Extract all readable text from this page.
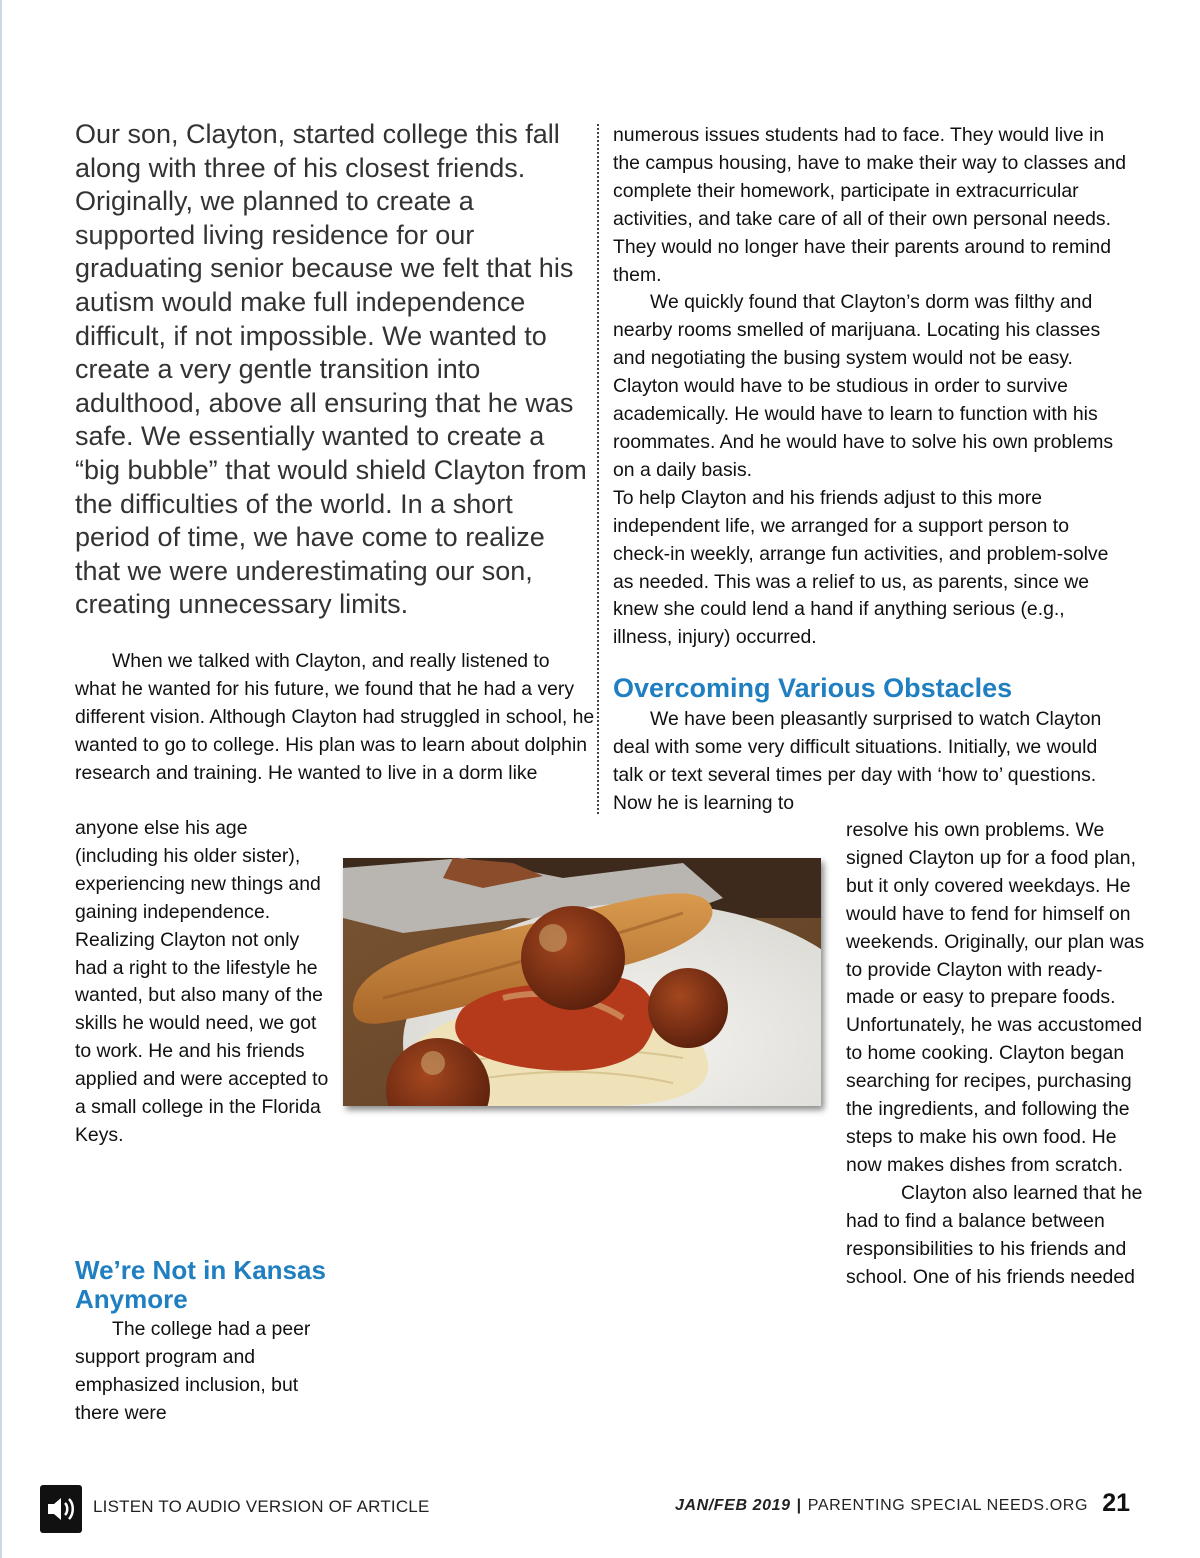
Our son, Clayton, started college this fall along with three of his closest friends. Originally, we planned to create a supported living residence for our graduating senior because we felt that his autism would make full independence difficult, if not impossible. We wanted to create a very gentle transition into adulthood, above all ensuring that he was safe. We essentially wanted to create a “big bubble” that would shield Clayton from the difficulties of the world. In a short period of time, we have come to realize that we were underestimating our son, creating unnecessary limits.

When we talked with Clayton, and really listened to what he wanted for his future, we found that he had a very different vision. Although Clayton had struggled in school, he wanted to go to college. His plan was to learn about dolphin research and training. He wanted to live in a dorm like

anyone else his age (including his older sister), experiencing new things and gaining independence. Realizing Clayton not only had a right to the lifestyle he wanted, but also many of the skills he would need, we got to work. He and his friends applied and were accepted to a small college in the Florida Keys.

We’re Not in Kansas Anymore

The college had a peer support program and emphasized inclusion, but there were

numerous issues students had to face. They would live in the campus housing, have to make their way to classes and complete their homework, participate in extracurricular activities, and take care of all of their own personal needs. They would no longer have their parents around to remind them.

We quickly found that Clayton’s dorm was filthy and nearby rooms smelled of marijuana. Locating his classes and negotiating the busing system would not be easy. Clayton would have to be studious in order to survive academically. He would have to learn to function with his roommates. And he would have to solve his own problems on a daily basis.

To help Clayton and his friends adjust to this more independent life, we arranged for a support person to check-in weekly, arrange fun activities, and problem-solve as needed. This was a relief to us, as parents, since we knew she could lend a hand if anything serious (e.g., illness, injury) occurred.

Overcoming Various Obstacles

We have been pleasantly surprised to watch Clayton deal with some very difficult situations. Initially, we would talk or text several times per day with ‘how to’ questions. Now he is learning to

resolve his own problems. We signed Clayton up for a food plan, but it only covered weekdays. He would have to fend for himself on weekends. Originally, our plan was to provide Clayton with ready-made or easy to prepare foods. Unfortunately, he was accustomed to home cooking. Clayton began searching for recipes, purchasing the ingredients, and following the steps to make his own food. He now makes dishes from scratch.

Clayton also learned that he had to find a balance between responsibilities to his friends and school. One of his friends needed

LISTEN TO AUDIO VERSION OF ARTICLE	JAN/FEB 2019 | PARENTING SPECIAL NEEDS.ORG 21
